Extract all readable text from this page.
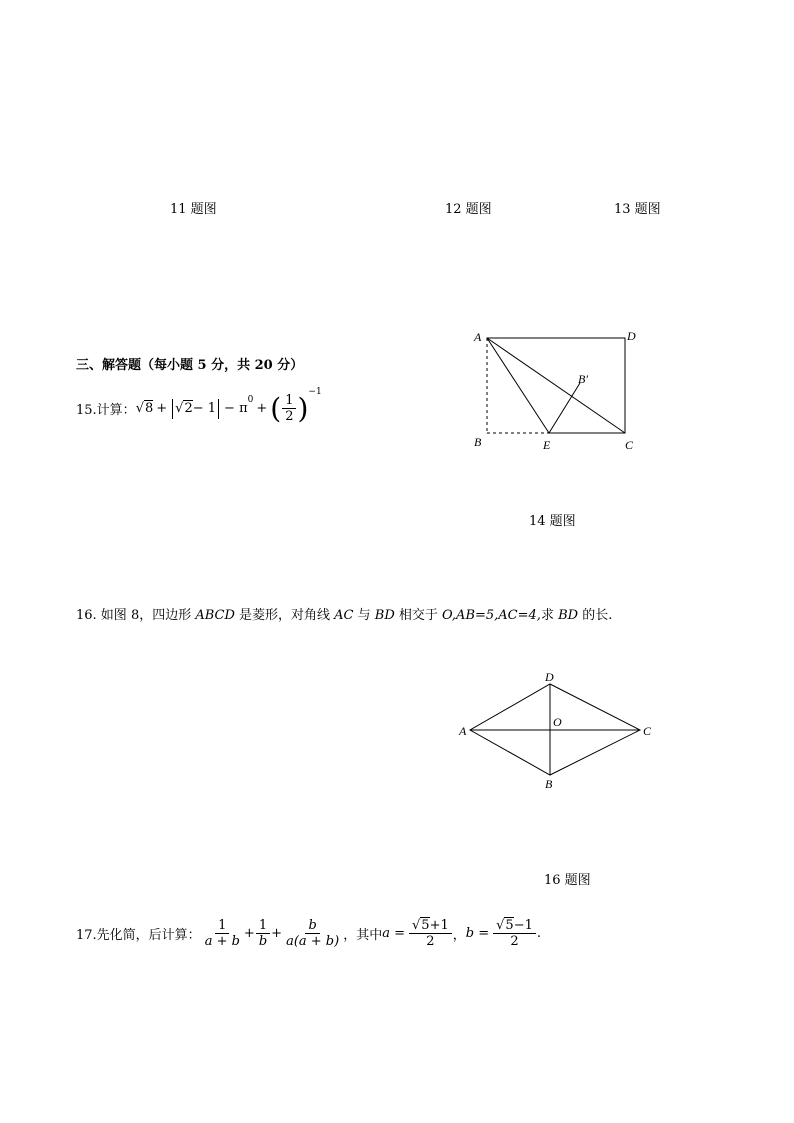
11 题图	12 题图	13 题图
三、解答题（每小题 5 分，共 20 分）
15.计算： √8 + √2 − 1 − π
$^0$
+ ( $\frac{1}{2} )^{-1}$
A	D
B′
B	E	C
14 题图
16. 如图 8，四边形 ABCD 是菱形，对角线 AC 与 BD 相交于 O,AB=5,AC=4,求 BD 的长.
D
A
O
C
B
16 题图
17.先化简，后计算： $\frac{1}{a + b} + \frac{1}{b} + \frac{b}{a(a + b)}$ ，其中 $a = \frac{√5+1}{2}$ ， $b = \frac{√5-1}{2}$ .
